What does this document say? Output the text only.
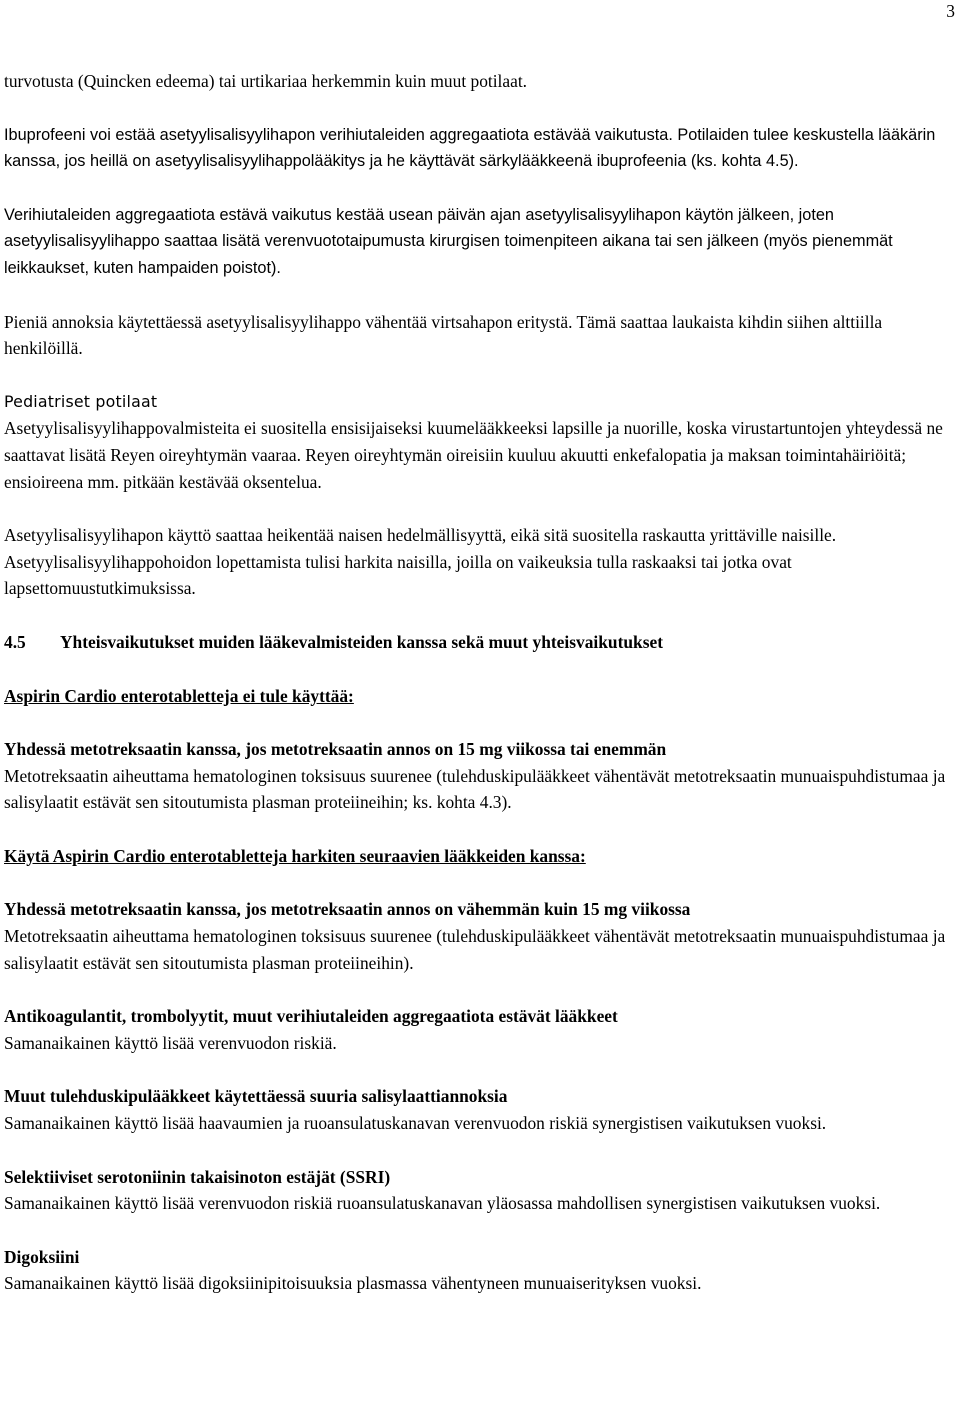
3

turvotusta (Quincken edeema) tai urtikariaa herkemmin kuin muut potilaat.

Ibuprofeeni voi estää asetyylisalisyylihapon verihiutaleiden aggregaatiota estävää vaikutusta. Potilaiden tulee keskustella lääkärin kanssa, jos heillä on asetyylisalisyylihappolääkitys ja he käyttävät särkylääkkeenä ibuprofeenia (ks. kohta 4.5).

Verihiutaleiden aggregaatiota estävä vaikutus kestää usean päivän ajan asetyylisalisyylihapon käytön jälkeen, joten asetyylisalisyylihappo saattaa lisätä verenvuototaipumusta kirurgisen toimenpiteen aikana tai sen jälkeen (myös pienemmät leikkaukset, kuten hampaiden poistot).

Pieniä annoksia käytettäessä asetyylisalisyylihappo vähentää virtsahapon eritystä. Tämä saattaa laukaista kihdin siihen alttiilla henkilöillä.

Pediatriset potilaat

Asetyylisalisyylihappovalmisteita ei suositella ensisijaiseksi kuumelääkkeeksi lapsille ja nuorille, koska virustartuntojen yhteydessä ne saattavat lisätä Reyen oireyhtymän vaaraa. Reyen oireyhtymän oireisiin kuuluu akuutti enkefalopatia ja maksan toimintahäiriöitä; ensioireena mm. pitkään kestävää oksentelua.

Asetyylisalisyylihapon käyttö saattaa heikentää naisen hedelmällisyyttä, eikä sitä suositella raskautta yrittäville naisille. Asetyylisalisyylihappohoidon lopettamista tulisi harkita naisilla, joilla on vaikeuksia tulla raskaaksi tai jotka ovat lapsettomuustutkimuksissa.

4.5 Yhteisvaikutukset muiden lääkevalmisteiden kanssa sekä muut yhteisvaikutukset

Aspirin Cardio enterotabletteja ei tule käyttää:

Yhdessä metotreksaatin kanssa, jos metotreksaatin annos on 15 mg viikossa tai enemmän

Metotreksaatin aiheuttama hematologinen toksisuus suurenee (tulehduskipulääkkeet vähentävät metotreksaatin munuaispuhdistumaa ja salisylaatit estävät sen sitoutumista plasman proteiineihin; ks. kohta 4.3).

Käytä Aspirin Cardio enterotabletteja harkiten seuraavien lääkkeiden kanssa:

Yhdessä metotreksaatin kanssa, jos metotreksaatin annos on vähemmän kuin 15 mg viikossa

Metotreksaatin aiheuttama hematologinen toksisuus suurenee (tulehduskipulääkkeet vähentävät metotreksaatin munuaispuhdistumaa ja salisylaatit estävät sen sitoutumista plasman proteiineihin).

Antikoagulantit, trombolyytit, muut verihiutaleiden aggregaatiota estävät lääkkeet

Samanaikainen käyttö lisää verenvuodon riskiä.

Muut tulehduskipulääkkeet käytettäessä suuria salisylaattiannoksia

Samanaikainen käyttö lisää haavaumien ja ruoansulatuskanavan verenvuodon riskiä synergistisen vaikutuksen vuoksi.

Selektiiviset serotoniinin takaisinoton estäjät (SSRI)

Samanaikainen käyttö lisää verenvuodon riskiä ruoansulatuskanavan yläosassa mahdollisen synergistisen vaikutuksen vuoksi.

Digoksiini

Samanaikainen käyttö lisää digoksiinipitoisuuksia plasmassa vähentyneen munuaiserityksen vuoksi.
